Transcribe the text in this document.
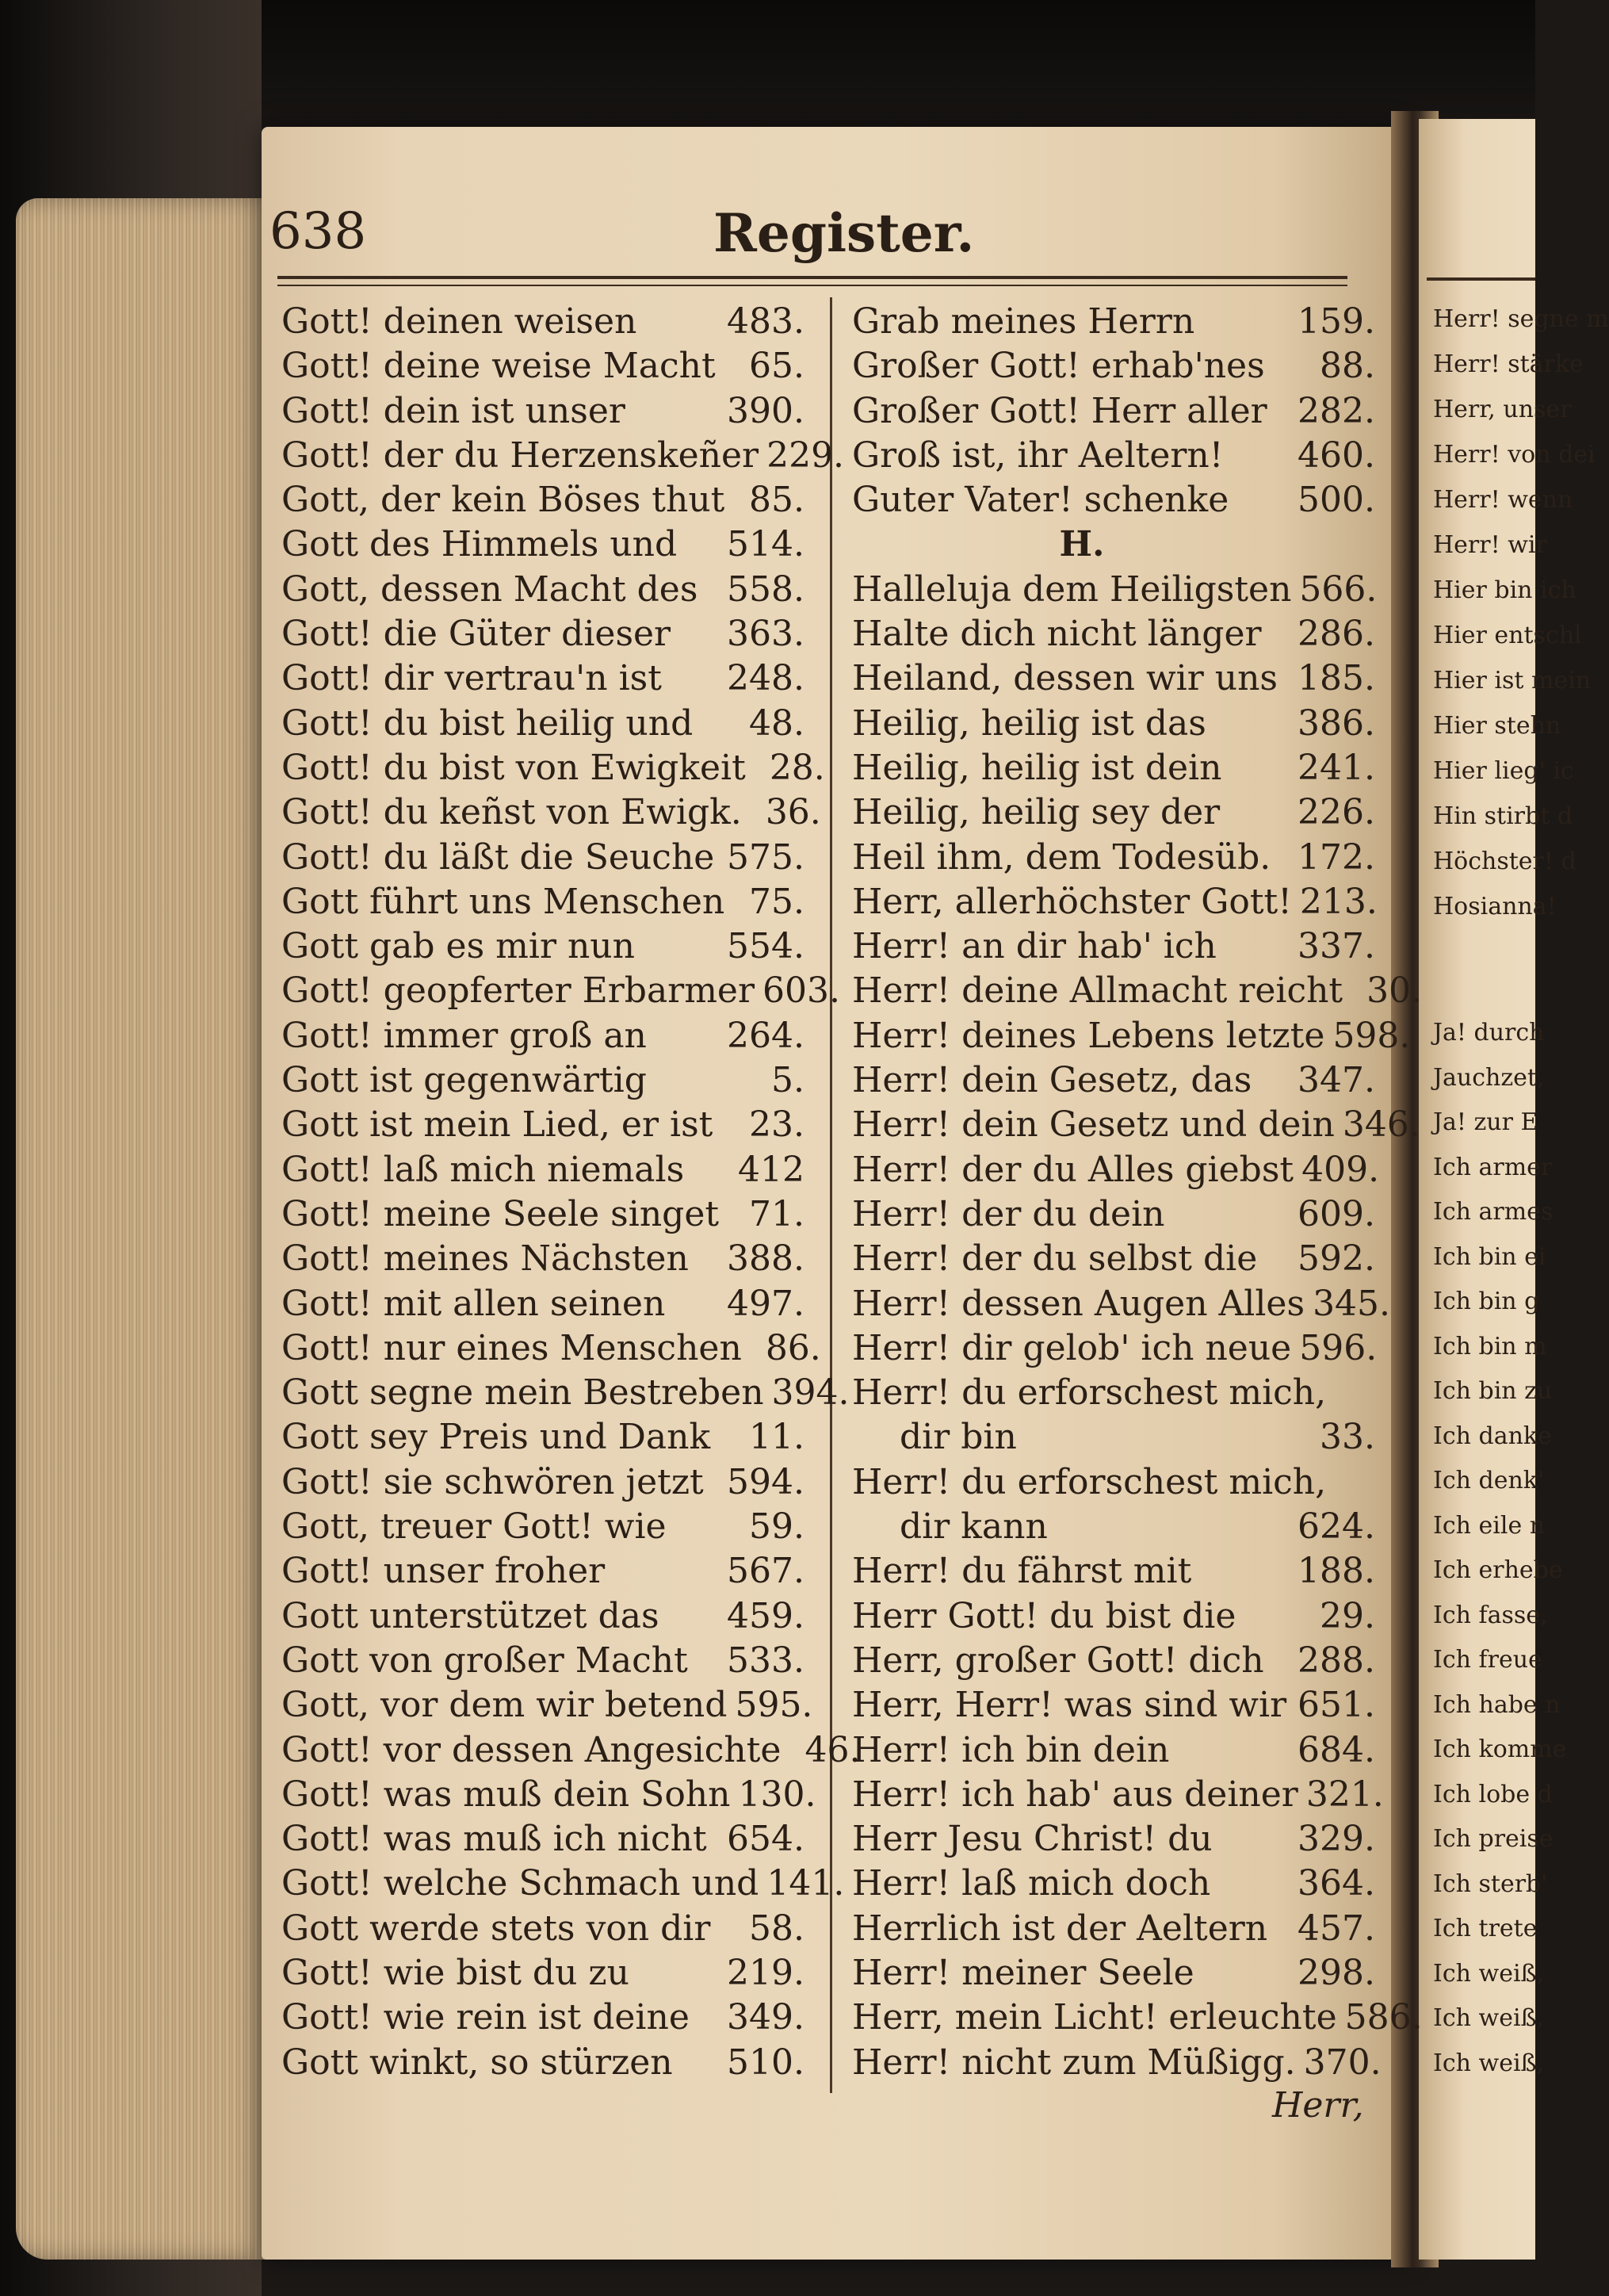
638	Register.
Gott! deinen weisen	483.
Gott! deine weise Macht 65.
Gott! dein ist unser	390.
Gott! der du Herzenskeñer 229.
Gott, der kein Böses thut 85.
Gott des Himmels und 514.
Gott, dessen Macht des 558.
Gott! die Güter dieser 363.
Gott! dir vertrau'n ist 248.
Gott! du bist heilig und	48.
Gott! du bist von Ewigkeit 28.
Gott! du keñst von Ewigk. 36.
Gott! du läßt die Seuche 575.
Gott führt uns Menschen 75.
Gott gab es mir nun	554.
Gott! geopferter Erbarmer 603.
Gott! immer groß an 264.
Gott ist gegenwärtig	5.
Gott ist mein Lied, er ist	23.
Gott! laß mich niemals 412
Gott! meine Seele singet 71.
Gott! meines Nächsten 388.
Gott! mit allen seinen 497.
Gott! nur eines Menschen 86.
Gott segne mein Bestreben 394.
Gott sey Preis und Dank	11.
Gott! sie schwören jetzt 594.
Gott, treuer Gott! wie	59.
Gott! unser froher	567.
Gott unterstützet das 459.
Gott von großer Macht 533.
Gott, vor dem wir betend 595.
Gott! vor dessen Angesichte 46.
Gott! was muß dein Sohn 130.
Gott! was muß ich nicht 654.
Gott! welche Schmach und 141.
Gott werde stets von dir	58.
Gott! wie bist du zu	219.
Gott! wie rein ist deine 349.
Gott winkt, so stürzen 510.
Grab meines Herrn	159.
Großer Gott! erhab'nes	88.
Großer Gott! Herr aller 282.
Groß ist, ihr Aeltern! 460.
Guter Vater! schenke 500.
H.
Halleluja dem Heiligsten 566.
Halte dich nicht länger 286.
Heiland, dessen wir uns 185.
Heilig, heilig ist das	386.
Heilig, heilig ist dein 241.
Heilig, heilig sey der 226.
Heil ihm, dem Todesüb. 172.
Herr, allerhöchster Gott! 213.
Herr! an dir hab' ich 337.
Herr! deine Allmacht reicht 30.
Herr! deines Lebens letzte 598.
Herr! dein Gesetz, das 347.
Herr! dein Gesetz und dein 346.
Herr! der du Alles giebst 409.
Herr! der du dein	609.
Herr! der du selbst die 592.
Herr! dessen Augen Alles 345.
Herr! dir gelob' ich neue 596.
Herr! du erforschest mich,
dir bin	33.
Herr! du erforschest mich,
dir kann	624.
Herr! du fährst mit	188.
Herr Gott! du bist die	29.
Herr, großer Gott! dich 288.
Herr, Herr! was sind wir 651.
Herr! ich bin dein	684.
Herr! ich hab' aus deiner 321.
Herr Jesu Christ! du 329.
Herr! laß mich doch 364.
Herrlich ist der Aeltern 457.
Herr! meiner Seele	298.
Herr, mein Licht! erleuchte 586.
Herr! nicht zum Müßigg. 370.
Herr,
Herr! segne m
Herr! stärke
Herr, unser
Herr! von dei
Herr! wenn
Herr! wir
Hier bin ich
Hier entschl
Hier ist mein
Hier stehn
Hier lieg' ic
Hin stirbt d
Höchster! d
Hosianna!
Ja! durch
Jauchzet,
Ja! zur E
Ich armer
Ich armes
Ich bin ei
Ich bin g
Ich bin m
Ich bin zu
Ich danke
Ich denk'
Ich eile n
Ich erhebe
Ich fasse,
Ich freue
Ich habe n
Ich komme
Ich lobe d
Ich preise
Ich sterb'
Ich trete
Ich weiß,
Ich weiß,
Ich weiß,
